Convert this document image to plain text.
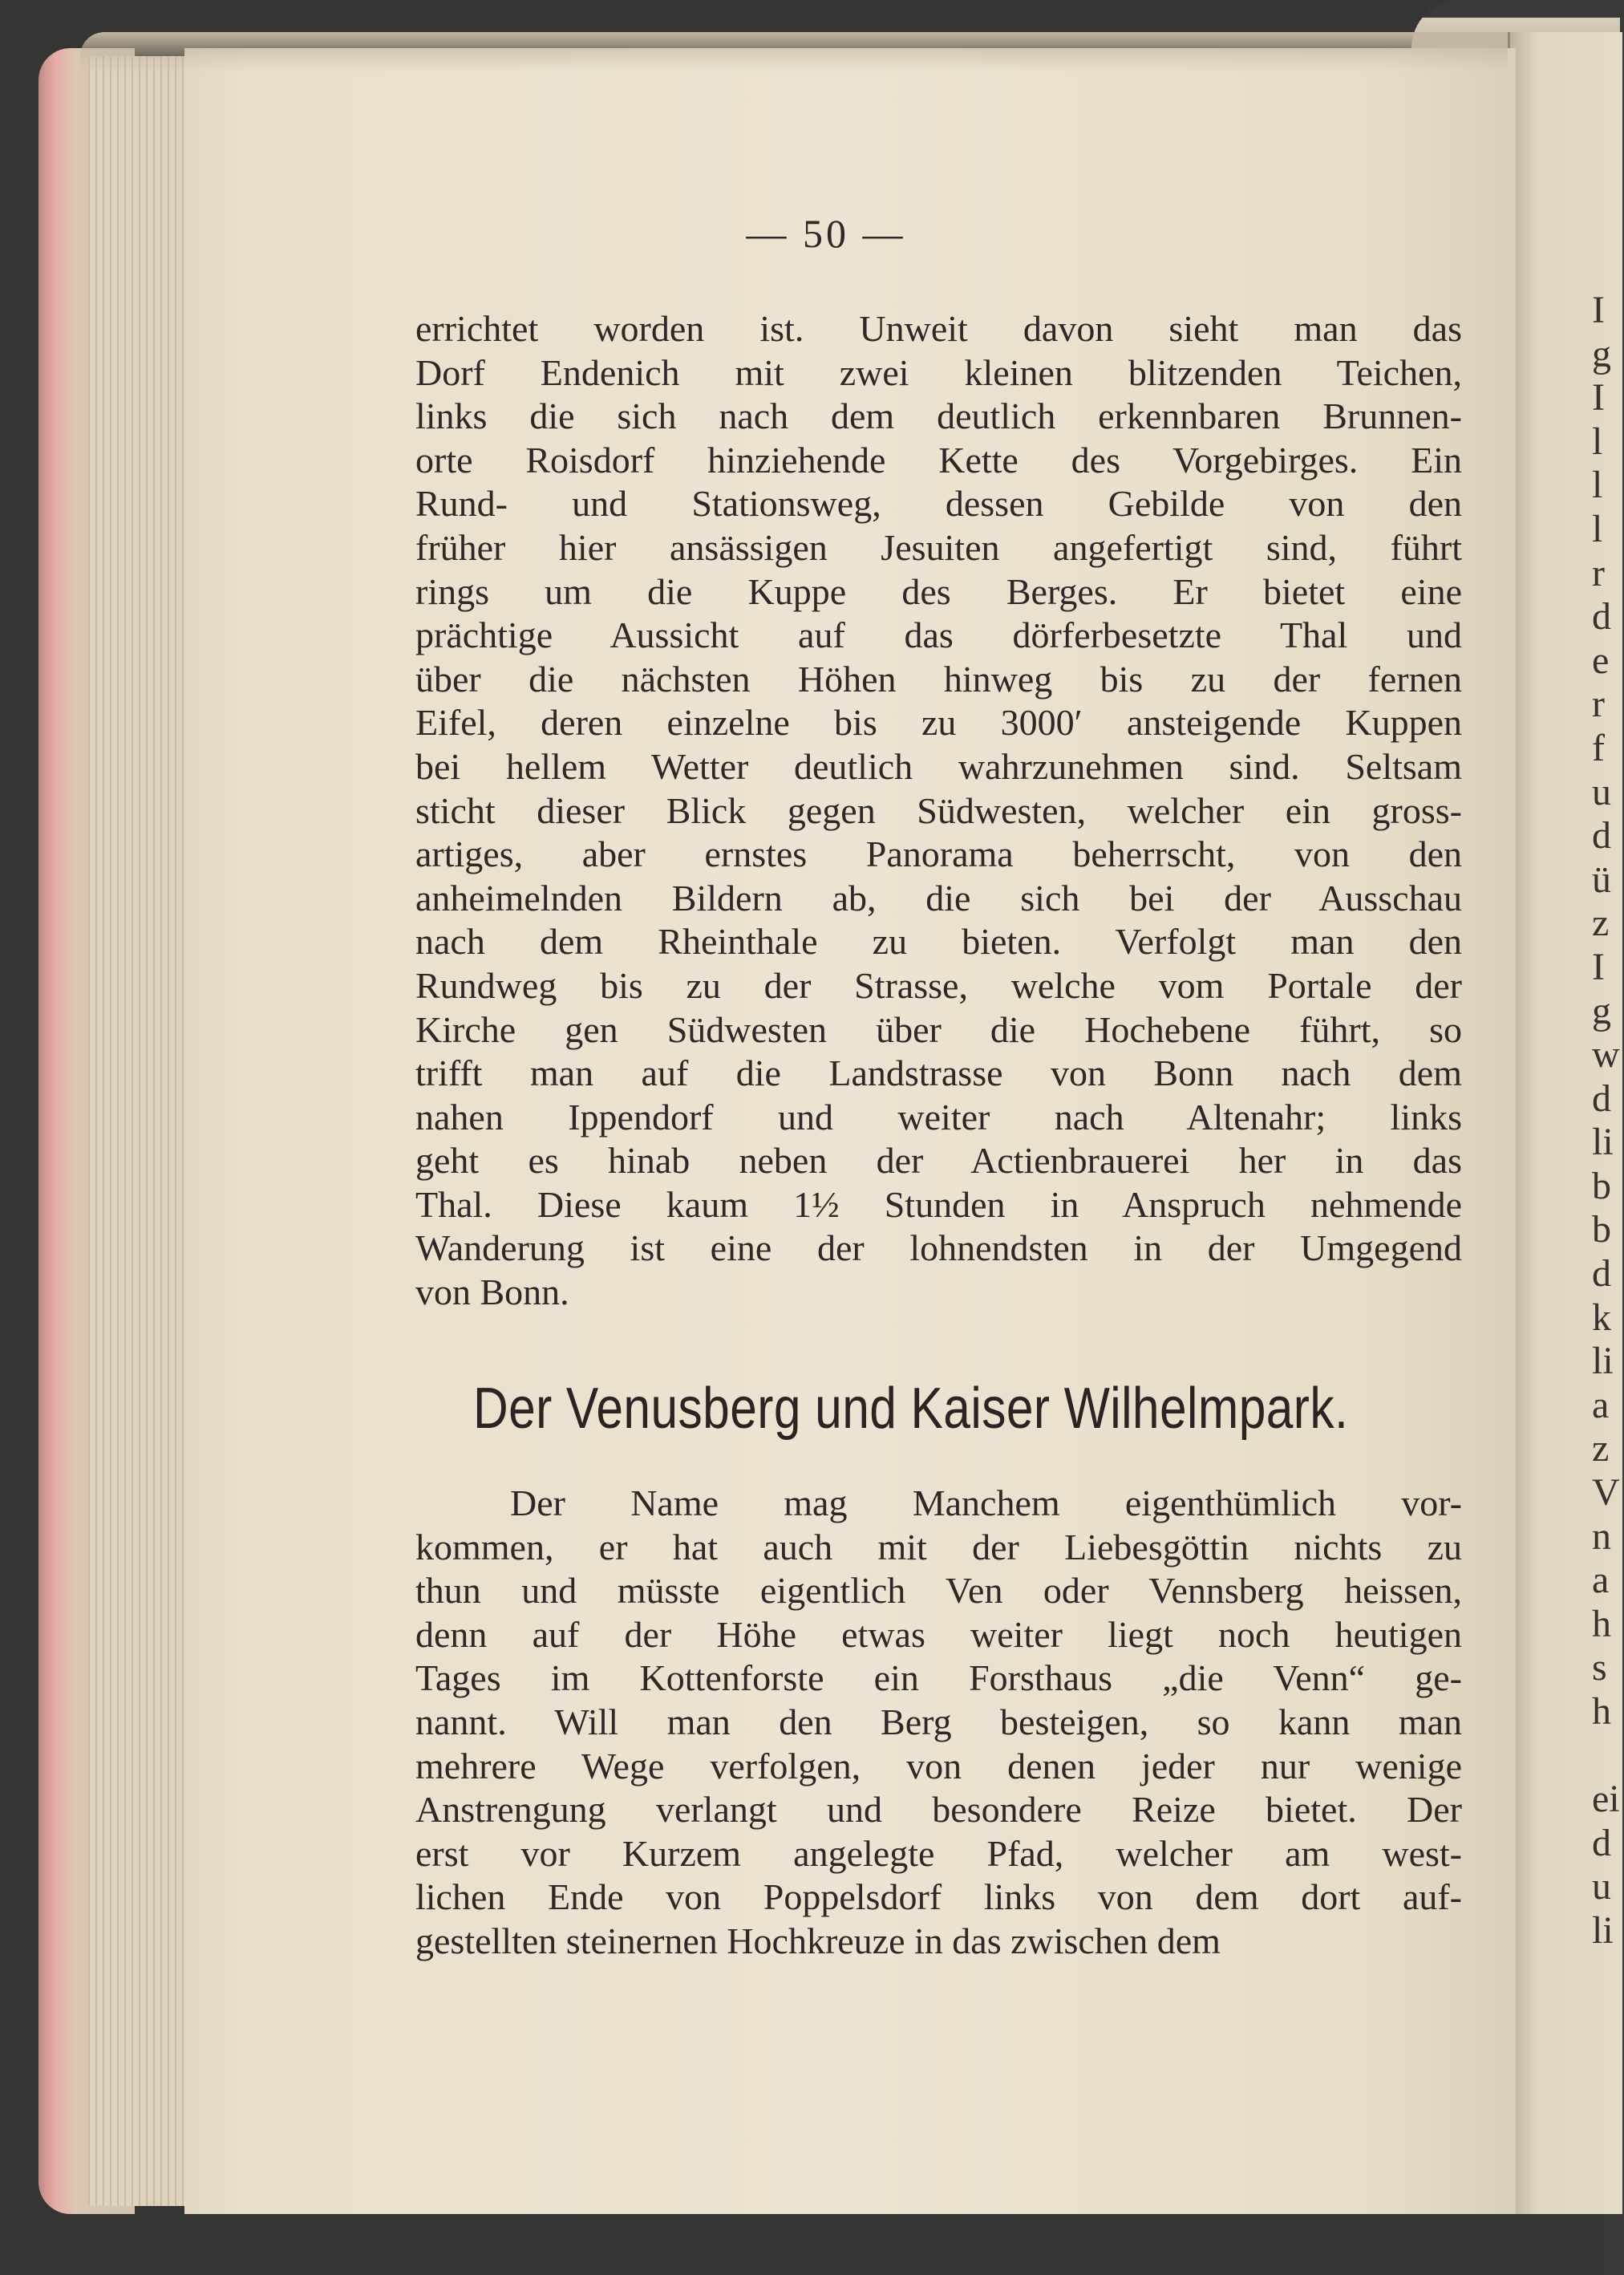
I
g
I
l
l
l
r
d
e
r
f
u
d
ü
z
I
g
w
d
li
b
b
d
k
li
a
z
V
n
a
h
s
h
ei
d
u
li
— 50 —
errichtet worden ist. Unweit davon sieht man das
Dorf Endenich mit zwei kleinen blitzenden Teichen,
links die sich nach dem deutlich erkennbaren Brunnen-
orte Roisdorf hinziehende Kette des Vorgebirges. Ein
Rund- und Stationsweg, dessen Gebilde von den
früher hier ansässigen Jesuiten angefertigt sind, führt
rings um die Kuppe des Berges. Er bietet eine
prächtige Aussicht auf das dörferbesetzte Thal und
über die nächsten Höhen hinweg bis zu der fernen
Eifel, deren einzelne bis zu 3000′ ansteigende Kuppen
bei hellem Wetter deutlich wahrzunehmen sind. Seltsam
sticht dieser Blick gegen Südwesten, welcher ein gross-
artiges, aber ernstes Panorama beherrscht, von den
anheimelnden Bildern ab, die sich bei der Ausschau
nach dem Rheinthale zu bieten. Verfolgt man den
Rundweg bis zu der Strasse, welche vom Portale der
Kirche gen Südwesten über die Hochebene führt, so
trifft man auf die Landstrasse von Bonn nach dem
nahen Ippendorf und weiter nach Altenahr; links
geht es hinab neben der Actienbrauerei her in das
Thal. Diese kaum 1½ Stunden in Anspruch nehmende
Wanderung ist eine der lohnendsten in der Umgegend
von Bonn.
Der Venusberg und Kaiser Wilhelmpark.
Der Name mag Manchem eigenthümlich vor-
kommen, er hat auch mit der Liebesgöttin nichts zu
thun und müsste eigentlich Ven oder Vennsberg heissen,
denn auf der Höhe etwas weiter liegt noch heutigen
Tages im Kottenforste ein Forsthaus „die Venn“ ge-
nannt. Will man den Berg besteigen, so kann man
mehrere Wege verfolgen, von denen jeder nur wenige
Anstrengung verlangt und besondere Reize bietet. Der
erst vor Kurzem angelegte Pfad, welcher am west-
lichen Ende von Poppelsdorf links von dem dort auf-
gestellten steinernen Hochkreuze in das zwischen dem
